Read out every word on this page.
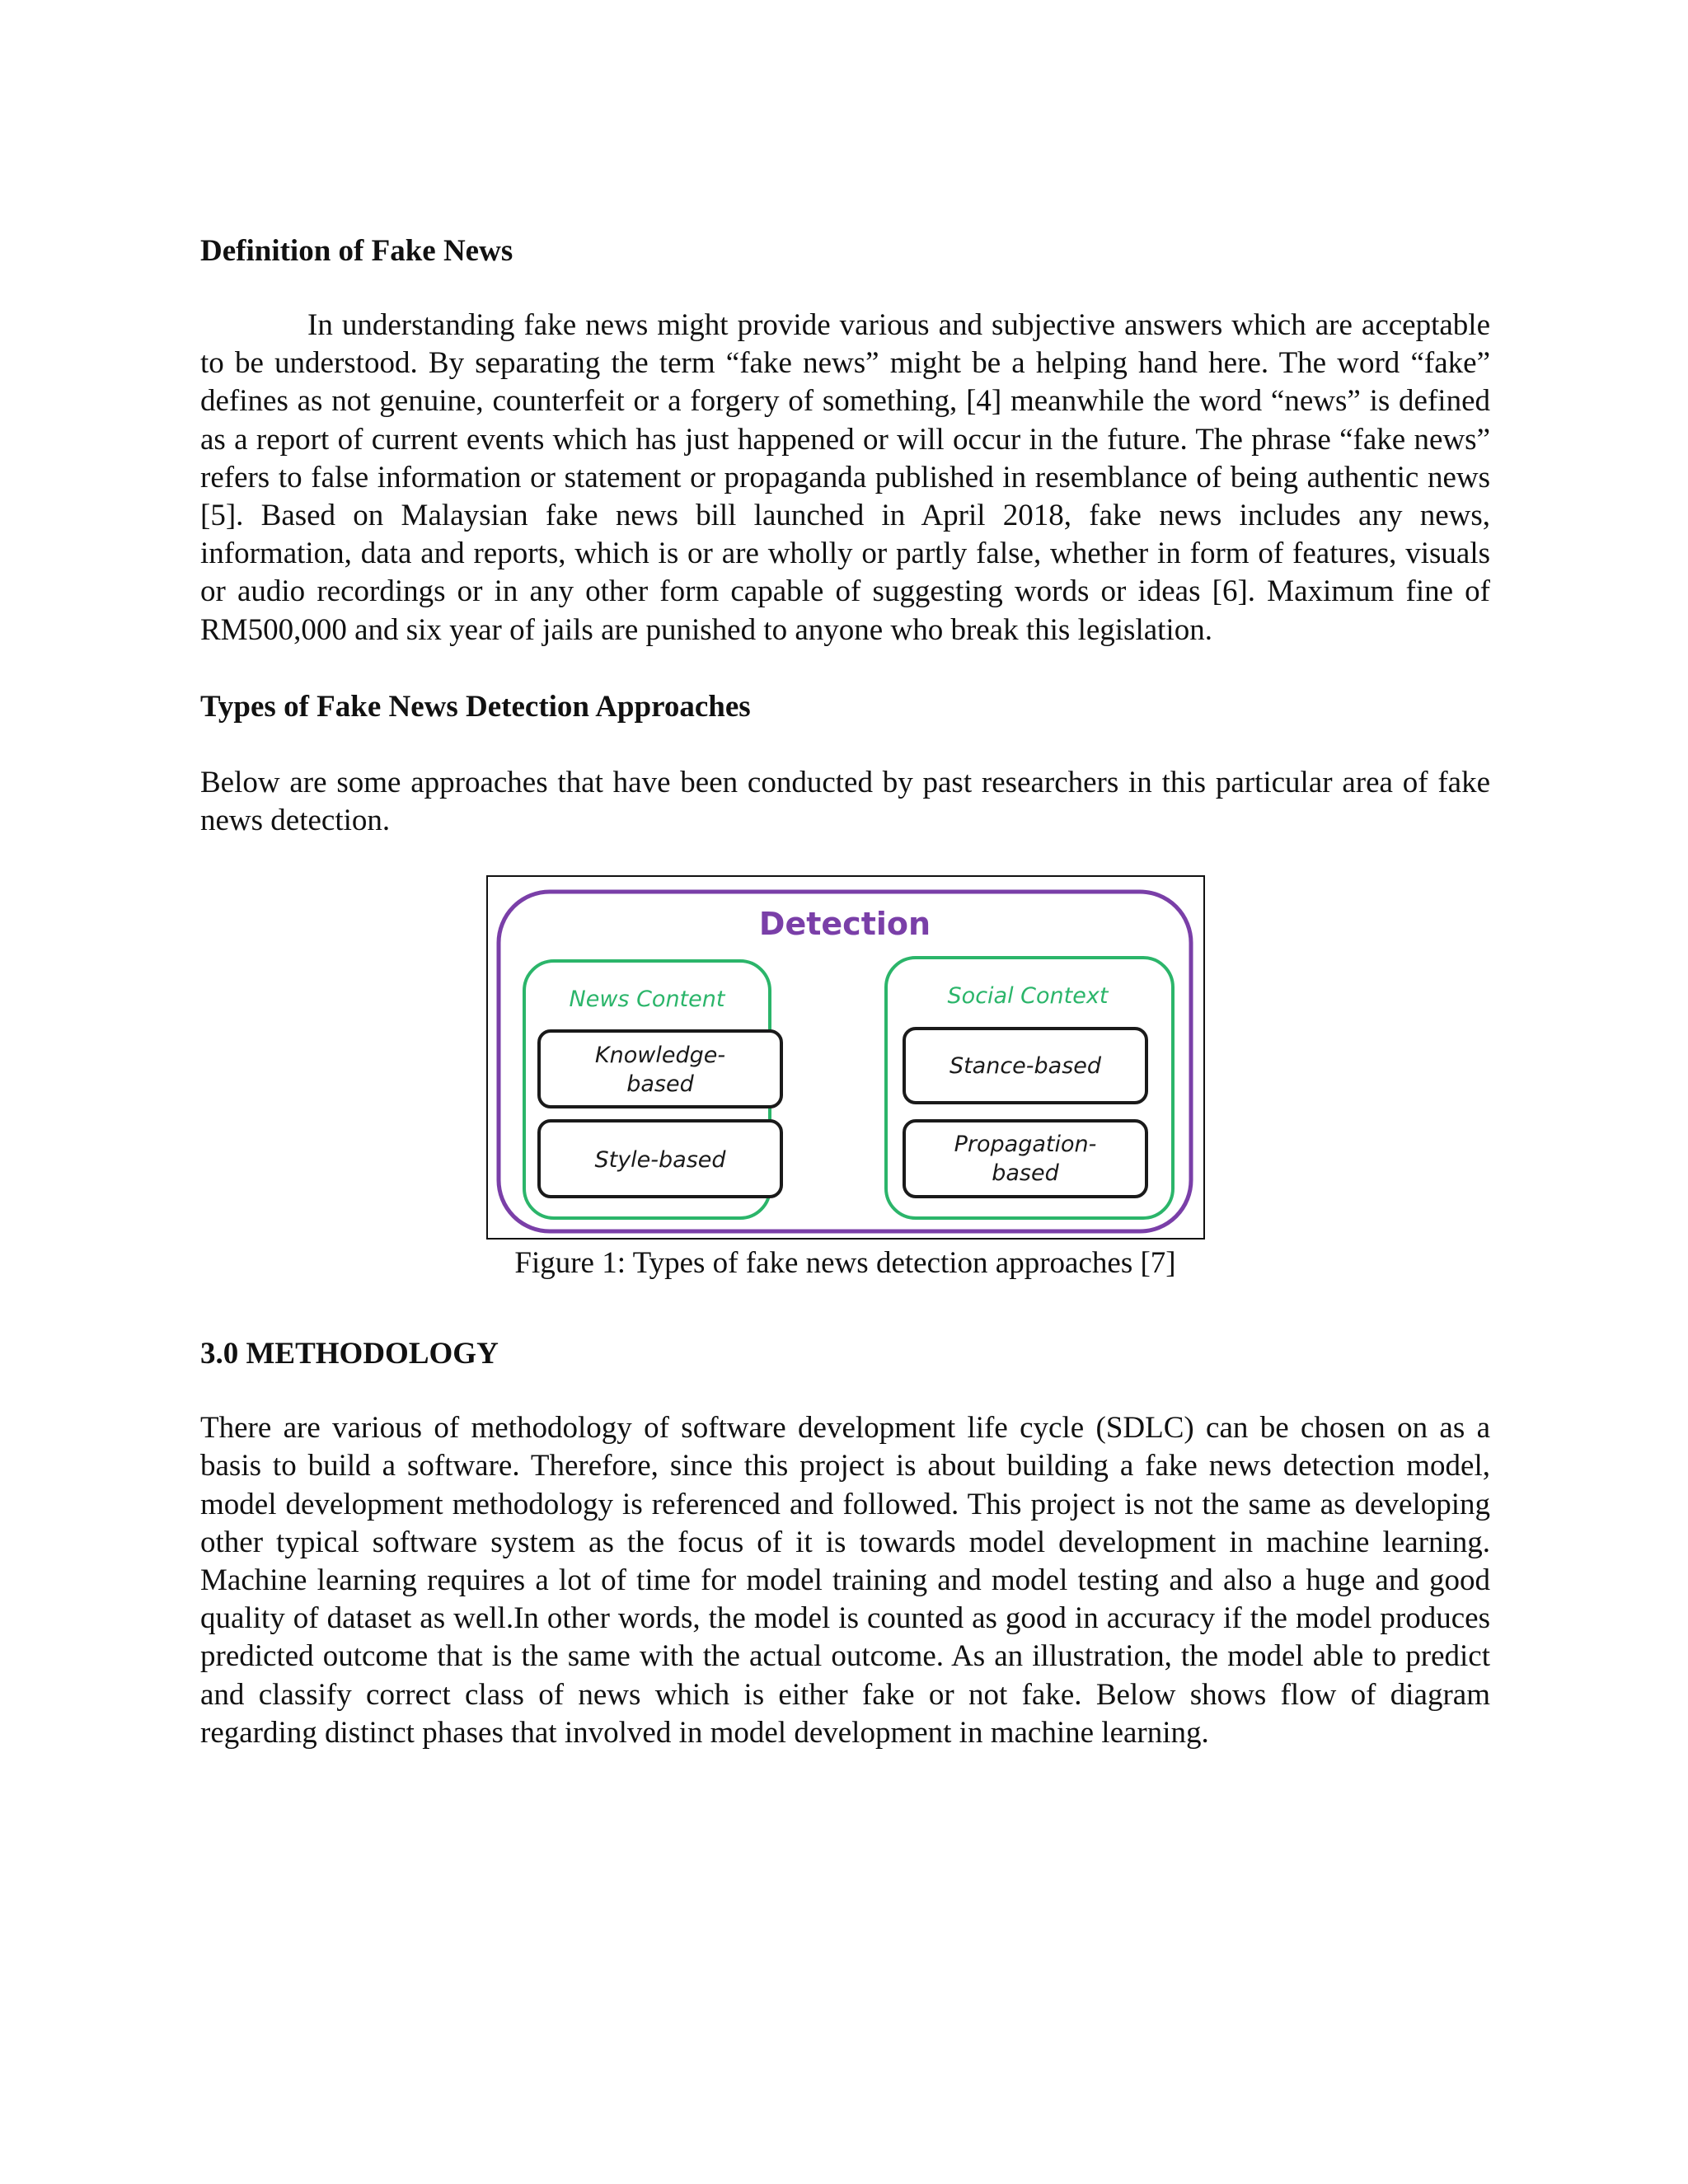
Definition of Fake News

In understanding fake news might provide various and subjective answers which are acceptable to be understood. By separating the term “fake news” might be a helping hand here. The word “fake” defines as not genuine, counterfeit or a forgery of something, [4] meanwhile the word “news” is defined as a report of current events which has just happened or will occur in the future. The phrase “fake news” refers to false information or statement or propaganda published in resemblance of being authentic news [5]. Based on Malaysian fake news bill launched in April 2018, fake news includes any news, information, data and reports, which is or are wholly or partly false, whether in form of features, visuals or audio recordings or in any other form capable of suggesting words or ideas [6]. Maximum fine of RM500,000 and six year of jails are punished to anyone who break this legislation.

Types of Fake News Detection Approaches

Below are some approaches that have been conducted by past researchers in this particular area of fake news detection.

Detection
News Content
Knowledge-
based
Style-based
Social Context
Stance-based
Propagation-
based
Figure 1: Types of fake news detection approaches [7]
3.0 METHODOLOGY

There are various of methodology of software development life cycle (SDLC) can be chosen on as a basis to build a software. Therefore, since this project is about building a fake news detection model, model development methodology is referenced and followed. This project is not the same as developing other typical software system as the focus of it is towards model development in machine learning. Machine learning requires a lot of time for model training and model testing and also a huge and good quality of dataset as well.In other words, the model is counted as good in accuracy if the model produces predicted outcome that is the same with the actual outcome. As an illustration, the model able to predict and classify correct class of news which is either fake or not fake. Below shows flow of diagram regarding distinct phases that involved in model development in machine learning.
